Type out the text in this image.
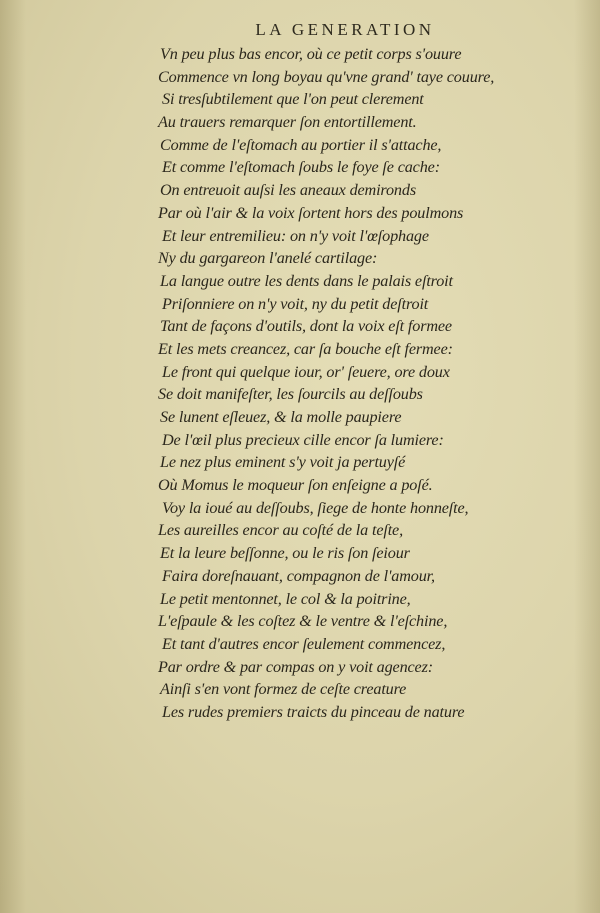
LA GENERATION
Vn peu plus bas encor, où ce petit corps s'ouure
Commence vn long boyau qu'vne grand' taye couure,
Si tresſubtilement que l'on peut clerement
Au trauers remarquer ſon entortillement.
Comme de l'eſtomach au portier il s'attache,
Et comme l'eſtomach ſoubs le foye ſe cache:
On entreuoit auſsi les aneaux demironds
Par où l'air & la voix ſortent hors des poulmons
Et leur entremilieu: on n'y voit l'œſophage
Ny du gargareon l'anelé cartilage:
La langue outre les dents dans le palais eſtroit
Priſonniere on n'y voit, ny du petit deſtroit
Tant de façons d'outils, dont la voix eſt formee
Et les mets creancez, car ſa bouche eſt fermee:
Le front qui quelque iour, or' ſeuere, ore doux
Se doit manifeſter, les ſourcils au deſſoubs
Se lunent eſleuez, & la molle paupiere
De l'œil plus precieux cille encor ſa lumiere:
Le nez plus eminent s'y voit ja pertuyſé
Où Momus le moqueur ſon enſeigne a poſé.
Voy la ioué au deſſoubs, ſiege de honte honneſte,
Les aureilles encor au coſté de la teſte,
Et la leure beſſonne, ou le ris ſon ſeiour
Faira doreſnauant, compagnon de l'amour,
Le petit mentonnet, le col & la poitrine,
L'eſpaule & les coſtez & le ventre & l'eſchine,
Et tant d'autres encor ſeulement commencez,
Par ordre & par compas on y voit agencez:
Ainſi s'en vont formez de ceſte creature
Les rudes premiers traicts du pinceau de nature
